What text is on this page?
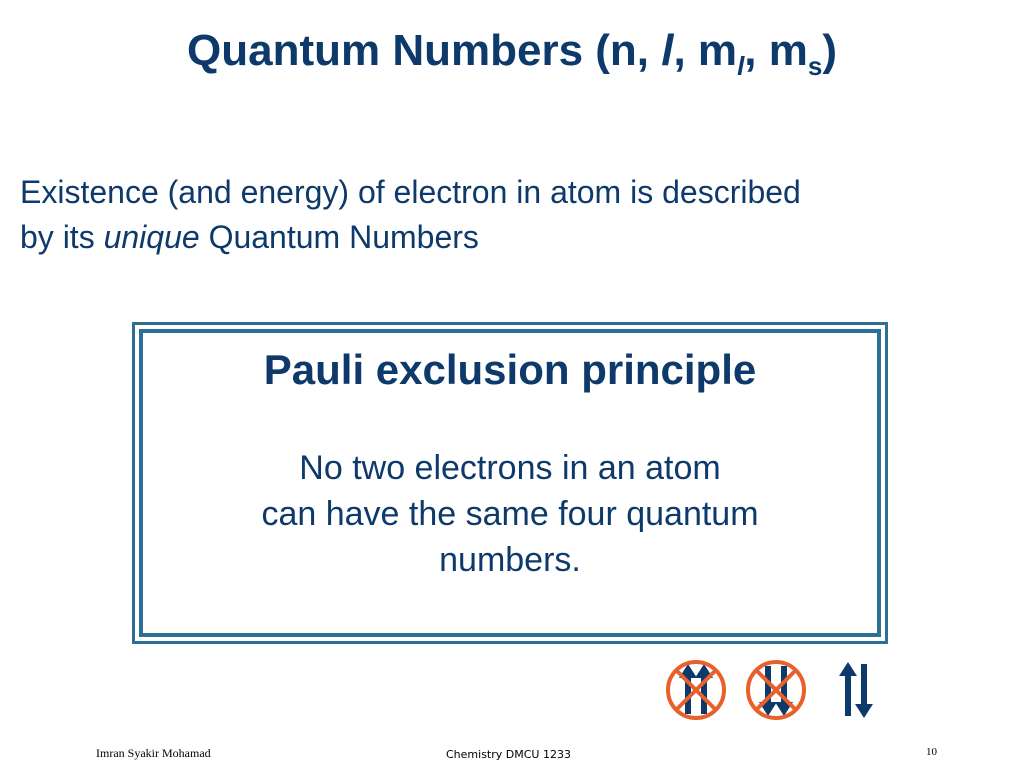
Quantum Numbers (n, l, $m_l$, $m_s$)
Existence (and energy) of electron in atom is described
by its unique Quantum Numbers
Pauli exclusion principle
No two electrons in an atom
can have the same four quantum
numbers.
Imran Syakir Mohamad	Chemistry DMCU 1233	10
